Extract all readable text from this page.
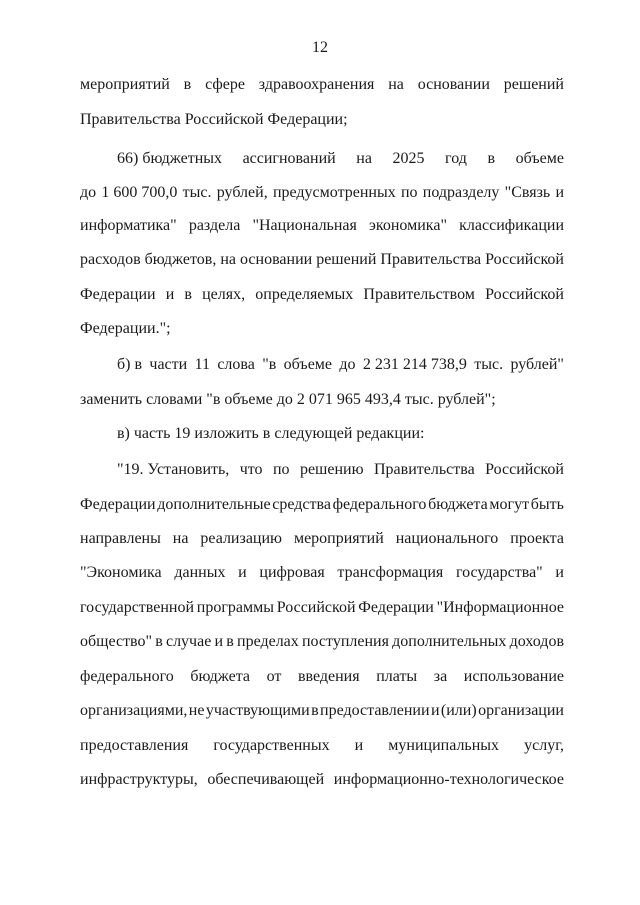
12
мероприятий в сфере здравоохранения на основании решений
Правительства Российской Федерации;
66) бюджетных ассигнований на 2025 год в объеме
до 1 600 700,0 тыс. рублей, предусмотренных по подразделу "Связь и
информатика" раздела "Национальная экономика" классификации
расходов бюджетов, на основании решений Правительства Российской
Федерации и в целях, определяемых Правительством Российской
Федерации.";
б) в части 11 слова "в объеме до 2 231 214 738,9 тыс. рублей"
заменить словами "в объеме до 2 071 965 493,4 тыс. рублей";
в) часть 19 изложить в следующей редакции:
"19. Установить, что по решению Правительства Российской
Федерации дополнительные средства федерального бюджета могут быть
направлены на реализацию мероприятий национального проекта
"Экономика данных и цифровая трансформация государства" и
государственной программы Российской Федерации "Информационное
общество" в случае и в пределах поступления дополнительных доходов
федерального бюджета от введения платы за использование
организациями, не участвующими в предоставлении и (или) организации
предоставления государственных и муниципальных услуг,
инфраструктуры, обеспечивающей информационно-технологическое
